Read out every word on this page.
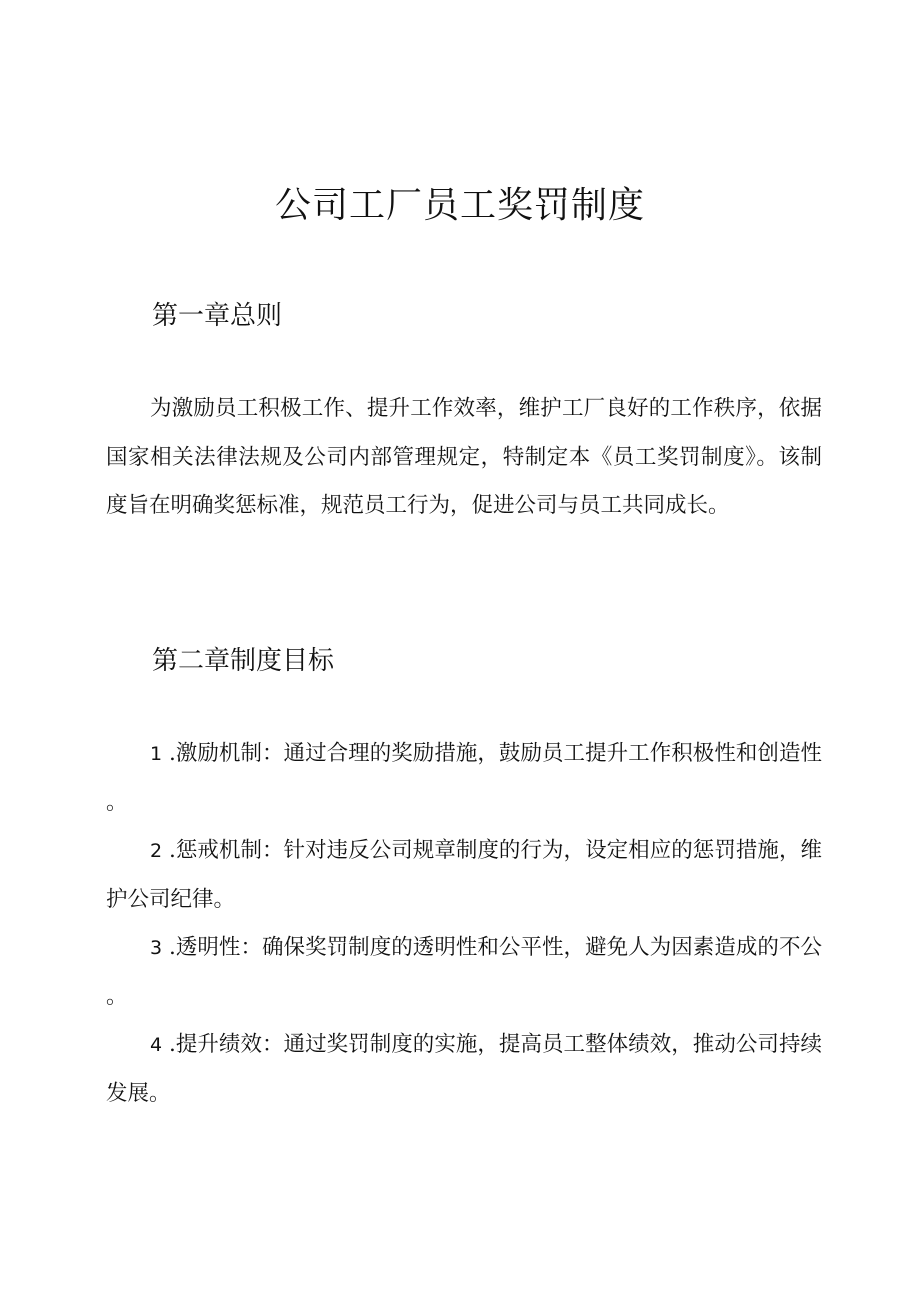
公司工厂员工奖罚制度
第一章总则

为激励员工积极工作、提升工作效率，维护工厂良好的工作秩序，依据国家相关法律法规及公司内部管理规定，特制定本《员工奖罚制度》。该制度旨在明确奖惩标准，规范员工行为，促进公司与员工共同成长。

第二章制度目标

1 .激励机制：通过合理的奖励措施，鼓励员工提升工作积极性和创造性。

2 .惩戒机制：针对违反公司规章制度的行为，设定相应的惩罚措施，维护公司纪律。

3 .透明性：确保奖罚制度的透明性和公平性，避免人为因素造成的不公。

4 .提升绩效：通过奖罚制度的实施，提高员工整体绩效，推动公司持续发展。
